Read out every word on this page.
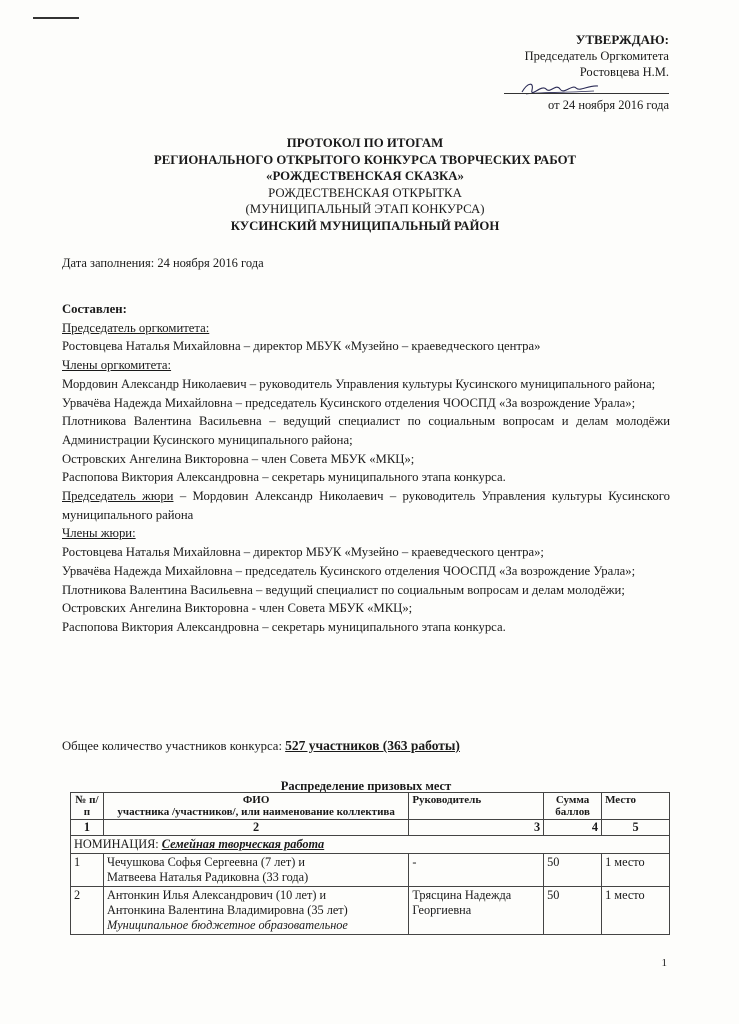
УТВЕРЖДАЮ:
Председатель Оргкомитета
Ростовцева Н.М.
от 24 ноября 2016 года
ПРОТОКОЛ ПО ИТОГАМ
РЕГИОНАЛЬНОГО ОТКРЫТОГО КОНКУРСА ТВОРЧЕСКИХ РАБОТ
«РОЖДЕСТВЕНСКАЯ СКАЗКА»
РОЖДЕСТВЕНСКАЯ ОТКРЫТКА
(МУНИЦИПАЛЬНЫЙ ЭТАП КОНКУРСА)
КУСИНСКИЙ МУНИЦИПАЛЬНЫЙ РАЙОН
Дата заполнения: 24 ноября 2016 года

Составлен:

Председатель оргкомитета:

Ростовцева Наталья Михайловна – директор МБУК «Музейно – краеведческого центра»

Члены оргкомитета:

Мордовин Александр Николаевич – руководитель Управления культуры Кусинского муниципального района;

Урвачёва Надежда Михайловна – председатель Кусинского отделения ЧООСПД «За возрождение Урала»;

Плотникова Валентина Васильевна – ведущий специалист по социальным вопросам и делам молодёжи Администрации Кусинского муниципального района;

Островских Ангелина Викторовна – член Совета МБУК «МКЦ»;

Распопова Виктория Александровна – секретарь муниципального этапа конкурса.

Председатель жюри – Мордовин Александр Николаевич – руководитель Управления культуры Кусинского муниципального района

Члены жюри:

Ростовцева Наталья Михайловна – директор МБУК «Музейно – краеведческого центра»;

Урвачёва Надежда Михайловна – председатель Кусинского отделения ЧООСПД «За возрождение Урала»;

Плотникова Валентина Васильевна – ведущий специалист по социальным вопросам и делам молодёжи;

Островских Ангелина Викторовна - член Совета МБУК «МКЦ»;

Распопова Виктория Александровна – секретарь муниципального этапа конкурса.

Общее количество участников конкурса: 527 участников (363 работы)
Распределение призовых мест
№ п/п	ФИО
участника /участников/, или наименование коллектива	Руководитель	Сумма баллов	Место
1	2	3	4	5
НОМИНАЦИЯ: Семейная творческая работа				
1	Чечушкова Софья Сергеевна (7 лет) и
Матвеева Наталья Радиковна (33 года)	-	50	1 место
2	Антонкин Илья Александрович (10 лет) и
Антонкина Валентина Владимировна (35 лет)
Муниципальное бюджетное образовательное	Трясцина Надежда Георгиевна	50	1 место
1
